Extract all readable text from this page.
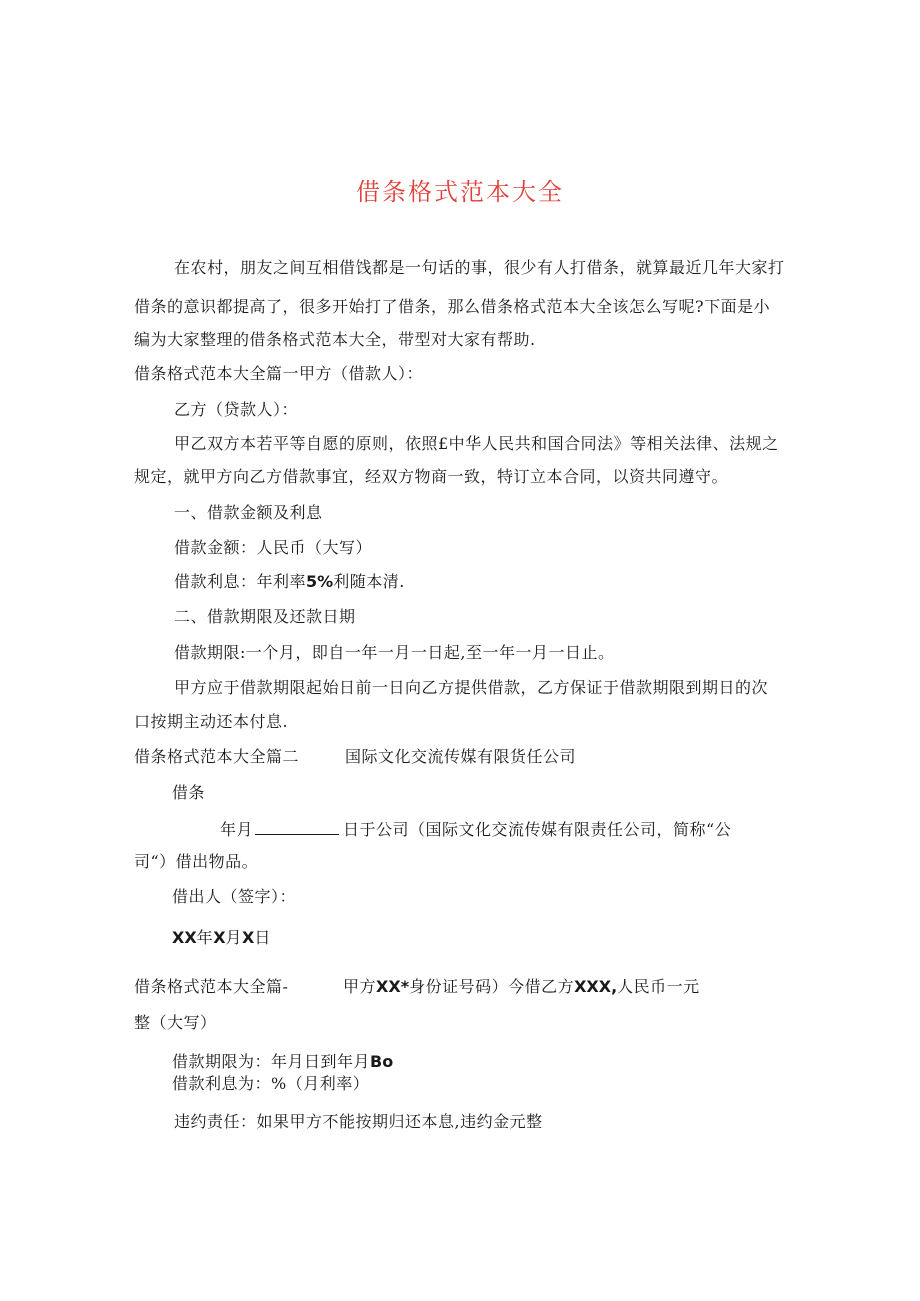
借条格式范本大全
在农村，朋友之间互相借饯都是一句话的事，很少有人打借条，就算最近几年大家打
借条的意识都提高了，很多开始打了借条，那么借条格式范本大全该怎么写呢?下面是小
编为大家整理的借条格式范本大全，带型对大家有帮助.
借条格式范本大全篇一甲方（借款人）：
乙方（贷款人）：
甲乙双方本若平等自愿的原则，依照£中华人民共和国合同法》等相关法律、法规之
规定，就甲方向乙方借款事宜，经双方物商一致，特订立本合同，以资共同遵守。
一、借款金额及利息
借款金额：人民币（大写）
借款利息：年利率5%利随本清.
二、借款期限及还款日期
借款期限:一个月，即自一年一月一日起,至一年一月一日止。
甲方应于借款期限起始日前一日向乙方提供借款，乙方保证于借款期限到期日的次
口按期主动还本付息.
借条格式范本大全篇二	国际文化交流传媒有限货任公司
借条
年月	日于公司（国际文化交流传媒有限责任公司，简称“公
司“）借出物品。
借出人（签字）：
XX年X月X日
借条格式范本大全篇-	甲方XX*身份证号码）今借乙方XXX,人民币一元
整（大写）
借款期限为：年月日到年月Bo
借款利息为：%（月利率）
违约责任：如果甲方不能按期归还本息,违约金元整
